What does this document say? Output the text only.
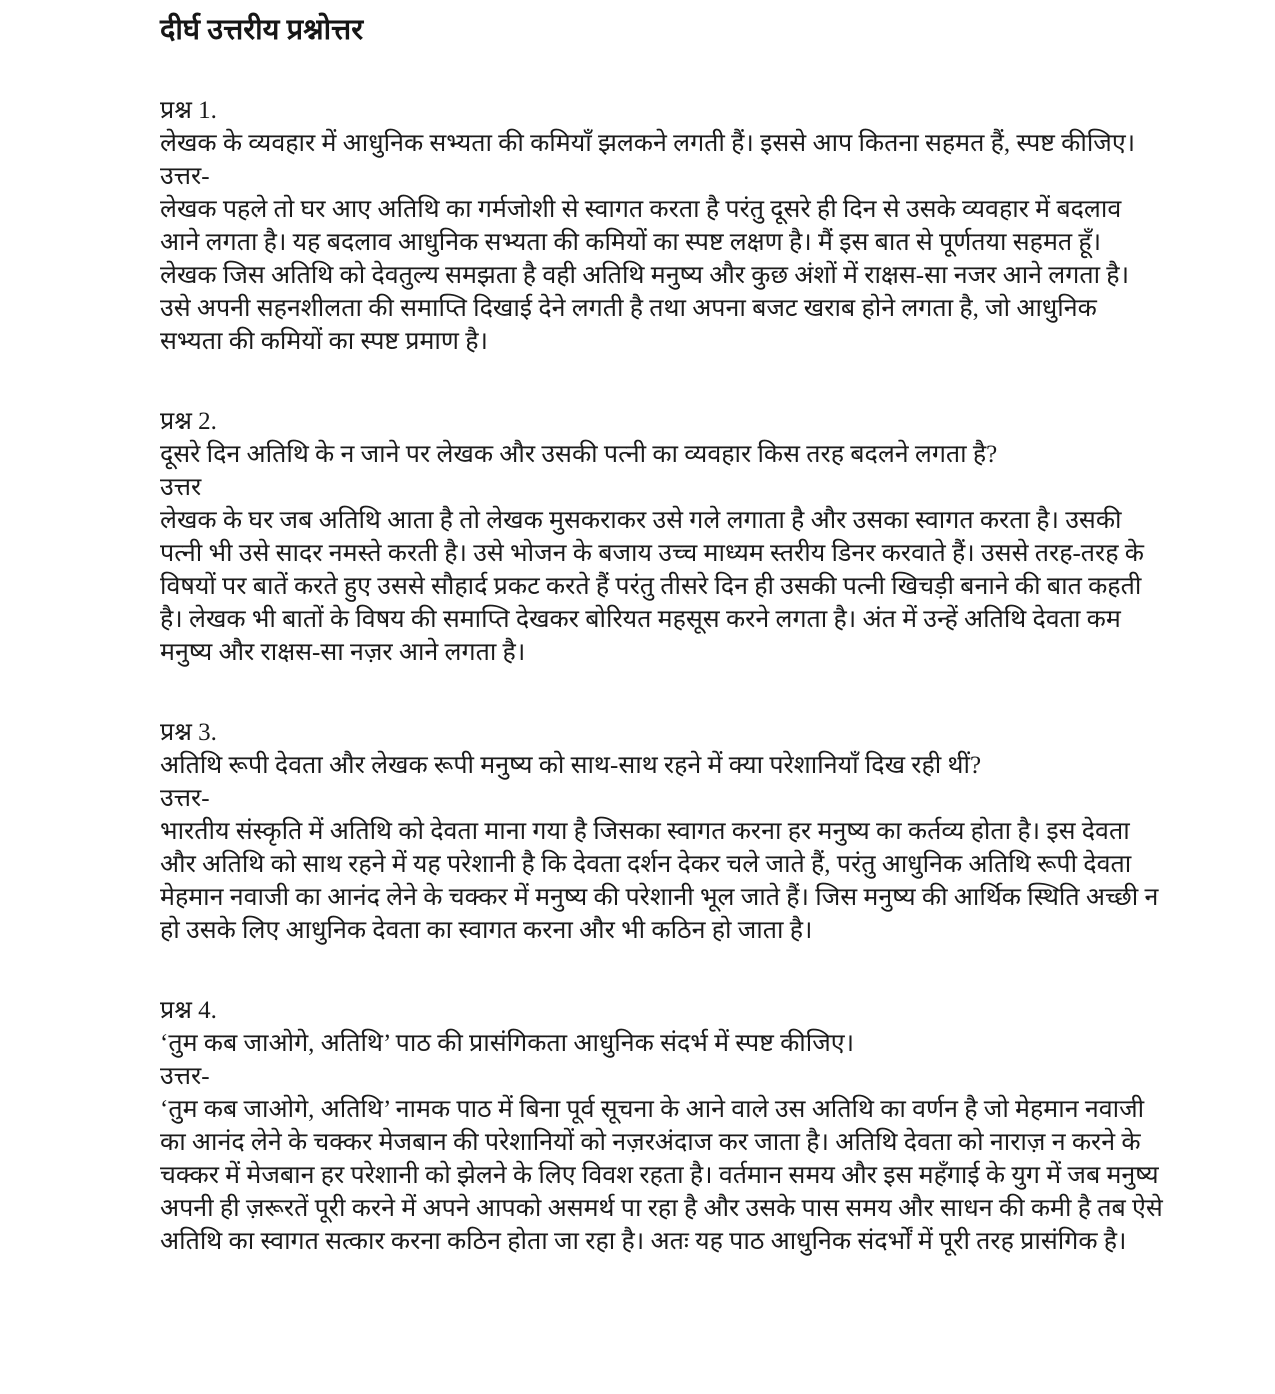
दीर्घ उत्तरीय प्रश्नोत्तर
प्रश्न 1.
लेखक के व्यवहार में आधुनिक सभ्यता की कमियाँ झलकने लगती हैं। इससे आप कितना सहमत हैं, स्पष्ट कीजिए।
उत्तर-
लेखक पहले तो घर आए अतिथि का गर्मजोशी से स्वागत करता है परंतु दूसरे ही दिन से उसके व्यवहार में बदलाव आने लगता है। यह बदलाव आधुनिक सभ्यता की कमियों का स्पष्ट लक्षण है। मैं इस बात से पूर्णतया सहमत हूँ। लेखक जिस अतिथि को देवतुल्य समझता है वही अतिथि मनुष्य और कुछ अंशों में राक्षस-सा नजर आने लगता है। उसे अपनी सहनशीलता की समाप्ति दिखाई देने लगती है तथा अपना बजट खराब होने लगता है, जो आधुनिक सभ्यता की कमियों का स्पष्ट प्रमाण है।
प्रश्न 2.
दूसरे दिन अतिथि के न जाने पर लेखक और उसकी पत्नी का व्यवहार किस तरह बदलने लगता है?
उत्तर
लेखक के घर जब अतिथि आता है तो लेखक मुसकराकर उसे गले लगाता है और उसका स्वागत करता है। उसकी पत्नी भी उसे सादर नमस्ते करती है। उसे भोजन के बजाय उच्च माध्यम स्तरीय डिनर करवाते हैं। उससे तरह-तरह के विषयों पर बातें करते हुए उससे सौहार्द प्रकट करते हैं परंतु तीसरे दिन ही उसकी पत्नी खिचड़ी बनाने की बात कहती है। लेखक भी बातों के विषय की समाप्ति देखकर बोरियत महसूस करने लगता है। अंत में उन्हें अतिथि देवता कम मनुष्य और राक्षस-सा नज़र आने लगता है।
प्रश्न 3.
अतिथि रूपी देवता और लेखक रूपी मनुष्य को साथ-साथ रहने में क्या परेशानियाँ दिख रही थीं?
उत्तर-
भारतीय संस्कृति में अतिथि को देवता माना गया है जिसका स्वागत करना हर मनुष्य का कर्तव्य होता है। इस देवता और अतिथि को साथ रहने में यह परेशानी है कि देवता दर्शन देकर चले जाते हैं, परंतु आधुनिक अतिथि रूपी देवता मेहमान नवाजी का आनंद लेने के चक्कर में मनुष्य की परेशानी भूल जाते हैं। जिस मनुष्य की आर्थिक स्थिति अच्छी न हो उसके लिए आधुनिक देवता का स्वागत करना और भी कठिन हो जाता है।
प्रश्न 4.
‘तुम कब जाओगे, अतिथि’ पाठ की प्रासंगिकता आधुनिक संदर्भ में स्पष्ट कीजिए।
उत्तर-
‘तुम कब जाओगे, अतिथि’ नामक पाठ में बिना पूर्व सूचना के आने वाले उस अतिथि का वर्णन है जो मेहमान नवाजी का आनंद लेने के चक्कर मेजबान की परेशानियों को नज़रअंदाज कर जाता है। अतिथि देवता को नाराज़ न करने के चक्कर में मेजबान हर परेशानी को झेलने के लिए विवश रहता है। वर्तमान समय और इस महँगाई के युग में जब मनुष्य अपनी ही ज़रूरतें पूरी करने में अपने आपको असमर्थ पा रहा है और उसके पास समय और साधन की कमी है तब ऐसे अतिथि का स्वागत सत्कार करना कठिन होता जा रहा है। अतः यह पाठ आधुनिक संदर्भों में पूरी तरह प्रासंगिक है।
